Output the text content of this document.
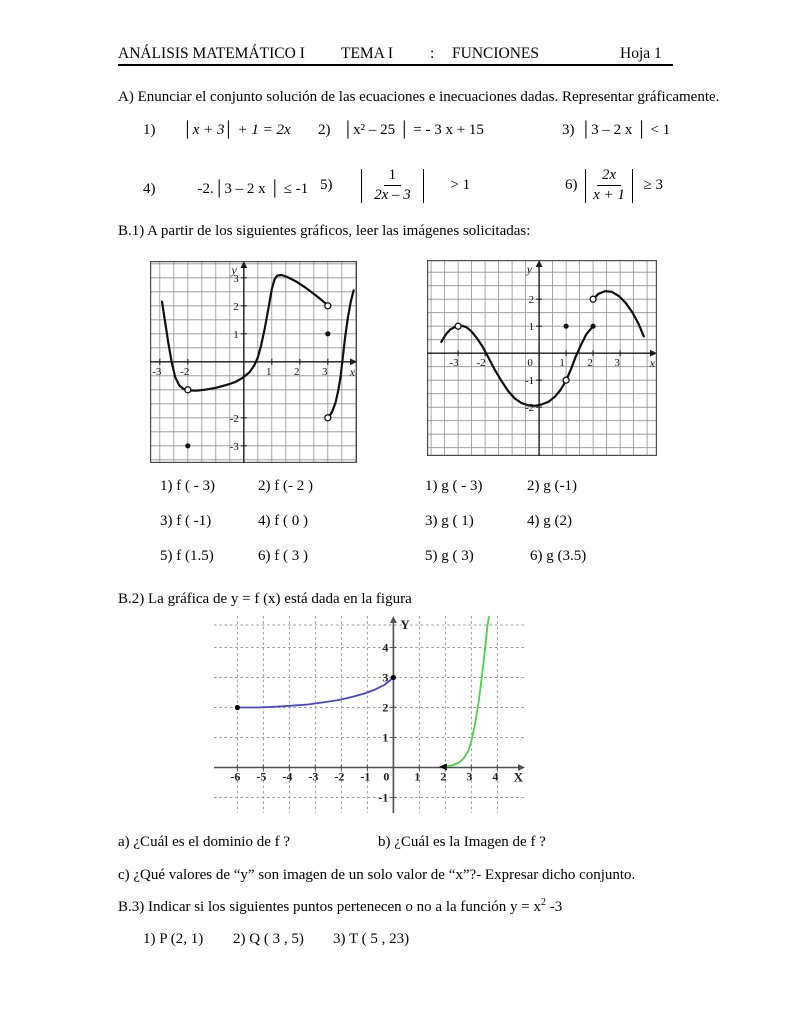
ANÁLISIS MATEMÁTICO I TEMA I : FUNCIONES	Hoja 1
A) Enunciar el conjunto solución de las ecuaciones e inecuaciones dadas. Representar gráficamente.
1) │x + 3│ + 1 = 2x 2) │x² – 25 │ = - 3 x + 15	3) │3 – 2 x │ < 1
4)	-2.│3 – 2 x │ ≤ -1 5)	$\frac{1}{2x - 3}$	> 1	$6) \frac{2x}{x + 1} \ge 3$
B.1) A partir de los siguientes gráficos, leer las imágenes solicitadas:
-3 -2	1 2 3
3
2
1
-2
-3
x
y
-3 -2	0 1 2 3
2
1
-1
-2
x
y
1) f ( - 3)	2) f (- 2 )
3) f ( -1)	4) f ( 0 )
5) f (1.5)	6) f ( 3 )
1) g ( - 3)	2) g (-1)
3) g ( 1)	4) g (2)
5) g ( 3)	6) g (3.5)
B.2) La gráfica de y = f (x) está dada en la figura
-6 -5 -4 -3 -2 -1 0 1 2 3 4
4
3
2
1
-1
X
Y
a) ¿Cuál es el dominio de f ?	b) ¿Cuál es la Imagen de f ?
c) ¿Qué valores de “y” son imagen de un solo valor de “x”?- Expresar dicho conjunto.
B.3) Indicar si los siguientes puntos pertenecen o no a la función $y = x^2$ -3
1) P (2, 1) 2) Q ( 3 , 5) 3) T ( 5 , 23)
